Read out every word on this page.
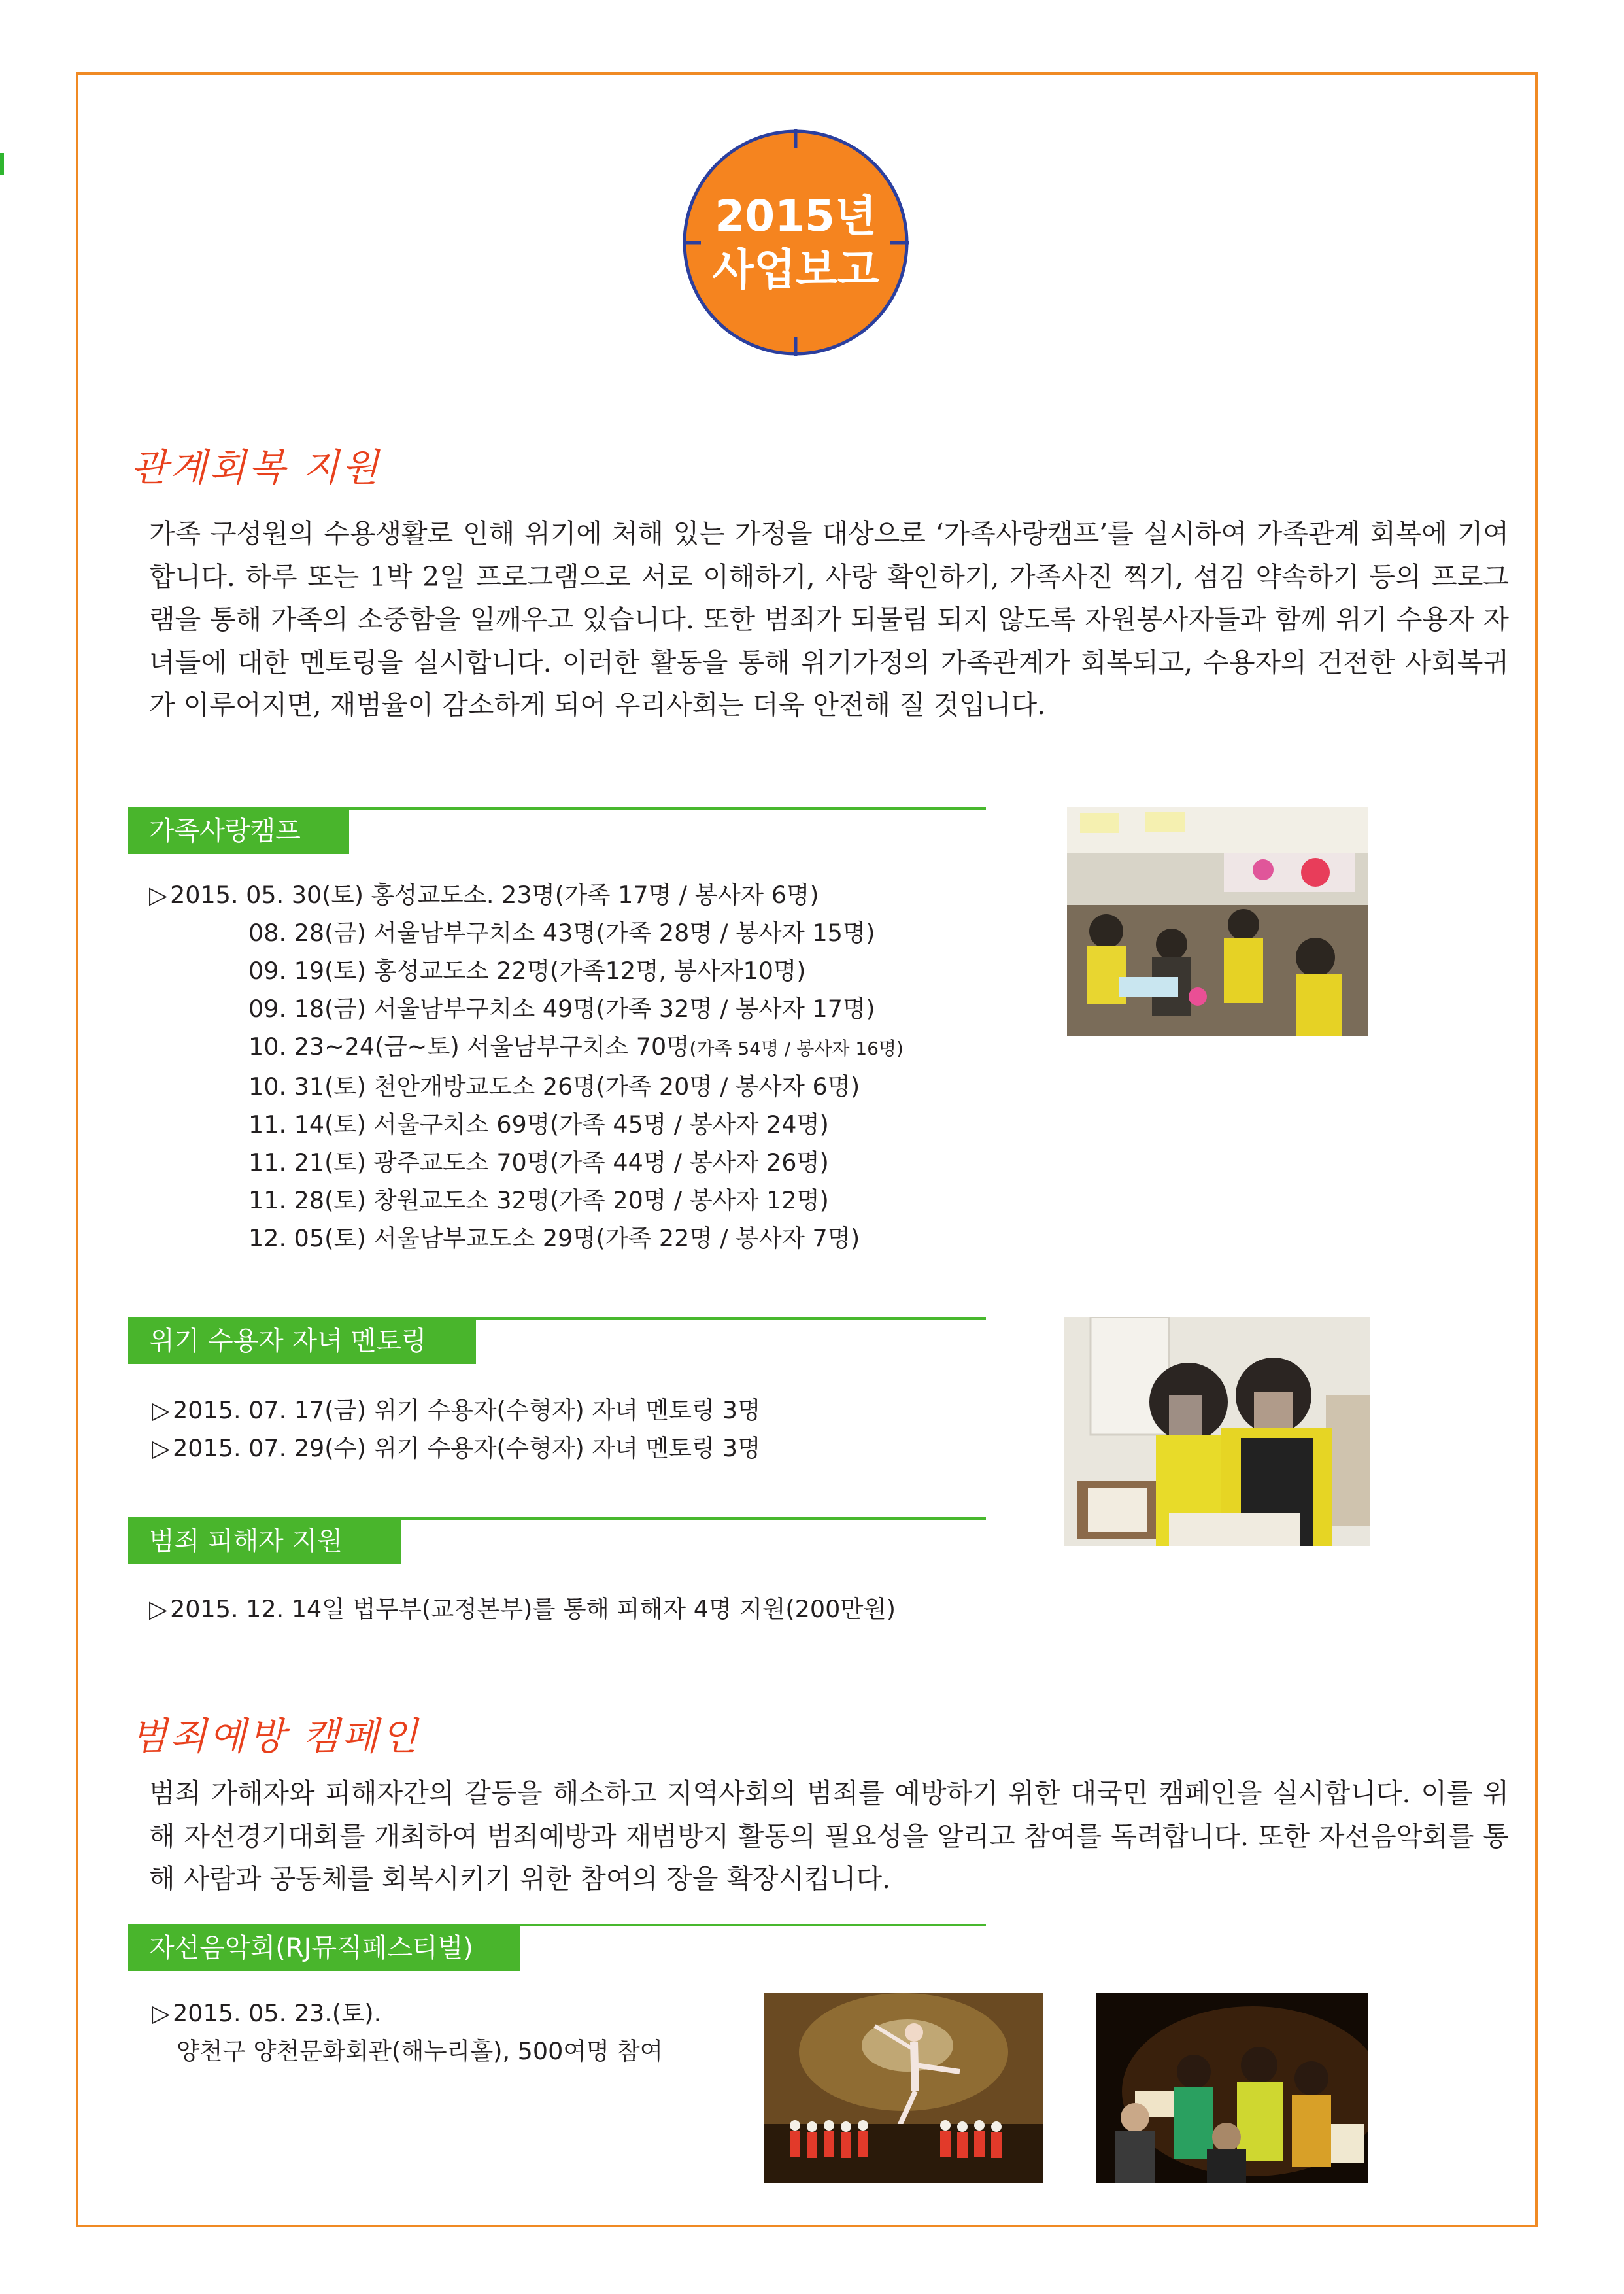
2015년
사업보고
관계회복 지원
가족 구성원의 수용생활로 인해 위기에 처해 있는 가정을 대상으로 ‘가족사랑캠프’를 실시하여 가족관계 회복에 기여합니다. 하루 또는 1박 2일 프로그램으로 서로 이해하기, 사랑 확인하기, 가족사진 찍기, 섬김 약속하기 등의 프로그램을 통해 가족의 소중함을 일깨우고 있습니다. 또한 범죄가 되물림 되지 않도록 자원봉사자들과 함께 위기 수용자 자녀들에 대한 멘토링을 실시합니다. 이러한 활동을 통해 위기가정의 가족관계가 회복되고, 수용자의 건전한 사회복귀가 이루어지면, 재범율이 감소하게 되어 우리사회는 더욱 안전해 질 것입니다.
가족사랑캠프
▷ 2015. 05. 30(토) 홍성교도소. 23명(가족 17명 / 봉사자 6명)
08. 28(금) 서울남부구치소 43명(가족 28명 / 봉사자 15명)
09. 19(토) 홍성교도소 22명(가족12명, 봉사자10명)
09. 18(금) 서울남부구치소 49명(가족 32명 / 봉사자 17명)
10. 23~24(금~토) 서울남부구치소 70명(가족 54명 / 봉사자 16명)
10. 31(토) 천안개방교도소 26명(가족 20명 / 봉사자 6명)
11. 14(토) 서울구치소 69명(가족 45명 / 봉사자 24명)
11. 21(토) 광주교도소 70명(가족 44명 / 봉사자 26명)
11. 28(토) 창원교도소 32명(가족 20명 / 봉사자 12명)
12. 05(토) 서울남부교도소 29명(가족 22명 / 봉사자 7명)
위기 수용자 자녀 멘토링
▷ 2015. 07. 17(금) 위기 수용자(수형자) 자녀 멘토링 3명
▷ 2015. 07. 29(수) 위기 수용자(수형자) 자녀 멘토링 3명
범죄 피해자 지원
▷ 2015. 12. 14일 법무부(교정본부)를 통해 피해자 4명 지원(200만원)
범죄예방 캠페인
범죄 가해자와 피해자간의 갈등을 해소하고 지역사회의 범죄를 예방하기 위한 대국민 캠페인을 실시합니다. 이를 위해 자선경기대회를 개최하여 범죄예방과 재범방지 활동의 필요성을 알리고 참여를 독려합니다. 또한 자선음악회를 통해 사람과 공동체를 회복시키기 위한 참여의 장을 확장시킵니다.
자선음악회(RJ뮤직페스티벌)
▷ 2015. 05. 23.(토).
양천구 양천문화회관(해누리홀), 500여명 참여
